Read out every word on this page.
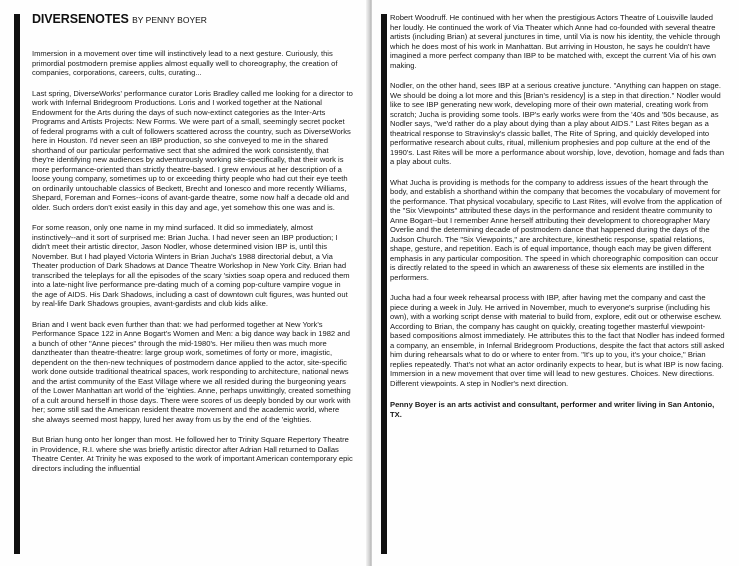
DIVERSENOTES BY PENNY BOYER

Immersion in a movement over time will instinctively lead to a next gesture. Curiously, this primordial postmodern premise applies almost equally well to choreography, the creation of companies, corporations, careers, cults, curating...

Last spring, DiverseWorks' performance curator Loris Bradley called me looking for a director to work with Infernal Bridegroom Productions. Loris and I worked together at the National Endowment for the Arts during the days of such now-extinct categories as the Inter-Arts Programs and Artists Projects: New Forms. We were part of a small, seemingly secret pocket of federal programs with a cult of followers scattered across the country, such as DiverseWorks here in Houston. I'd never seen an IBP production, so she conveyed to me in the shared shorthand of our particular performative sect that she admired the work consistently, that they're identifying new audiences by adventurously working site-specifically, that their work is more performance-oriented than strictly theatre-based. I grew envious at her description of a loose young company, sometimes up to or exceeding thirty people who had cut their eye teeth on ordinarily untouchable classics of Beckett, Brecht and Ionesco and more recently Williams, Shepard, Foreman and Fornes--icons of avant-garde theatre, some now half a decade old and older. Such orders don't exist easily in this day and age, yet somehow this one was and is.

For some reason, only one name in my mind surfaced. It did so immediately, almost instinctively--and it sort of surprised me: Brian Jucha. I had never seen an IBP production; I didn't meet their artistic director, Jason Nodler, whose determined vision IBP is, until this November. But I had played Victoria Winters in Brian Jucha's 1988 directorial debut, a Via Theater production of Dark Shadows at Dance Theatre Workshop in New York City. Brian had transcribed the teleplays for all the episodes of the scary 'sixties soap opera and reduced them into a late-night live performance pre-dating much of a coming pop-culture vampire vogue in the age of AIDS. His Dark Shadows, including a cast of downtown cult figures, was hunted out by real-life Dark Shadows groupies, avant-gardists and club kids alike.

Brian and I went back even further than that: we had performed together at New York's Performance Space 122 in Anne Bogart's Women and Men: a big dance way back in 1982 and a bunch of other "Anne pieces" through the mid-1980's. Her milieu then was much more danztheater than theatre-theatre: large group work, sometimes of forty or more, imagistic, dependent on the then-new techniques of postmodern dance applied to the actor, site-specific work done outside traditional theatrical spaces, work responding to architecture, national news and the artist community of the East Village where we all resided during the burgeoning years of the Lower Manhattan art world of the 'eighties. Anne, perhaps unwittingly, created something of a cult around herself in those days. There were scores of us deeply bonded by our work with her; some still sad the American resident theatre movement and the academic world, where she always seemed most happy, lured her away from us by the end of the 'eighties.

But Brian hung onto her longer than most. He followed her to Trinity Square Repertory Theatre in Providence, R.I. where she was briefly artistic director after Adrian Hall returned to Dallas Theatre Center. At Trinity he was exposed to the work of important American contemporary epic directors including the influential

Robert Woodruff. He continued with her when the prestigious Actors Theatre of Louisville lauded her loudly. He continued the work of Via Theater which Anne had co-founded with several theatre artists (including Brian) at several junctures in time, until Via is now his identity, the vehicle through which he does most of his work in Manhattan. But arriving in Houston, he says he couldn't have imagined a more perfect company than IBP to be matched with, except the current Via of his own making.

Nodler, on the other hand, sees IBP at a serious creative juncture. "Anything can happen on stage. We should be doing a lot more and this [Brian's residency] is a step in that direction." Nodler would like to see IBP generating new work, developing more of their own material, creating work from scratch; Jucha is providing some tools. IBP's early works were from the '40s and '50s because, as Nodler says, "we'd rather do a play about dying than a play about AIDS." Last Rites began as a theatrical response to Stravinsky's classic ballet, The Rite of Spring, and quickly developed into performative research about cults, ritual, millenium prophesies and pop culture at the end of the 1990's. Last Rites will be more a performance about worship, love, devotion, homage and fads than a play about cults.

What Jucha is providing is methods for the company to address issues of the heart through the body, and establish a shorthand within the company that becomes the vocabulary of movement for the performance. That physical vocabulary, specific to Last Rites, will evolve from the application of the "Six Viewpoints" attributed these days in the performance and resident theatre community to Anne Bogart--but I remember Anne herself attributing their development to choreographer Mary Overlie and the determining decade of postmodern dance that happened during the days of the Judson Church. The "Six Viewpoints," are architecture, kinesthetic response, spatial relations, shape, gesture, and repetition. Each is of equal importance, though each may be given different emphasis in any particular composition. The speed in which choreographic composition can occur is directly related to the speed in which an awareness of these six elements are instilled in the performers.

Jucha had a four week rehearsal process with IBP, after having met the company and cast the piece during a week in July. He arrived in November, much to everyone's surprise (including his own), with a working script dense with material to build from, explore, edit out or otherwise eschew. According to Brian, the company has caught on quickly, creating together masterful viewpoint-based compositions almost immediately. He attributes this to the fact that Nodler has indeed formed a company, an ensemble, in Infernal Bridegroom Productions, despite the fact that actors still asked him during rehearsals what to do or where to enter from. "It's up to you, it's your choice," Brian replies repeatedly. That's not what an actor ordinarily expects to hear, but is what IBP is now facing. Immersion in a new movement that over time will lead to new gestures. Choices. New directions. Different viewpoints. A step in Nodler's next direction.

Penny Boyer is an arts activist and consultant, performer and writer living in San Antonio, TX.
